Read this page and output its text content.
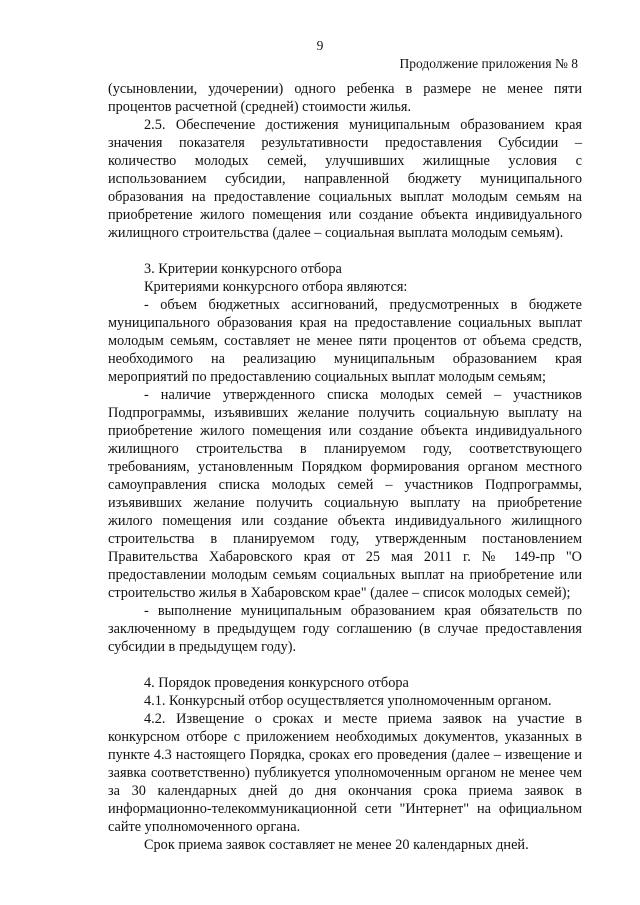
9
Продолжение приложения № 8

(усыновлении, удочерении) одного ребенка в размере не менее пяти процентов расчетной (средней) стоимости жилья.

2.5. Обеспечение достижения муниципальным образованием края значения показателя результативности предоставления Субсидии – количество молодых семей, улучшивших жилищные условия с использованием субсидии, направленной бюджету муниципального образования на предоставление социальных выплат молодым семьям на приобретение жилого помещения или создание объекта индивидуального жилищного строительства (далее – социальная выплата молодым семьям).

3. Критерии конкурсного отбора

Критериями конкурсного отбора являются:

- объем бюджетных ассигнований, предусмотренных в бюджете муниципального образования края на предоставление социальных выплат молодым семьям, составляет не менее пяти процентов от объема средств, необходимого на реализацию муниципальным образованием края мероприятий по предоставлению социальных выплат молодым семьям;

- наличие утвержденного списка молодых семей – участников Подпрограммы, изъявивших желание получить социальную выплату на приобретение жилого помещения или создание объекта индивидуального жилищного строительства в планируемом году, соответствующего требованиям, установленным Порядком формирования органом местного самоуправления списка молодых семей – участников Подпрограммы, изъявивших желание получить социальную выплату на приобретение жилого помещения или создание объекта индивидуального жилищного строительства в планируемом году, утвержденным постановлением Правительства Хабаровского края от 25 мая 2011 г. № 149-пр "О предоставлении молодым семьям социальных выплат на приобретение или строительство жилья в Хабаровском крае" (далее – список молодых семей);

- выполнение муниципальным образованием края обязательств по заключенному в предыдущем году соглашению (в случае предоставления субсидии в предыдущем году).

4. Порядок проведения конкурсного отбора

4.1. Конкурсный отбор осуществляется уполномоченным органом.

4.2. Извещение о сроках и месте приема заявок на участие в конкурсном отборе с приложением необходимых документов, указанных в пункте 4.3 настоящего Порядка, сроках его проведения (далее – извещение и заявка соответственно) публикуется уполномоченным органом не менее чем за 30 календарных дней до дня окончания срока приема заявок в информационно-телекоммуникационной сети "Интернет" на официальном сайте уполномоченного органа.

Срок приема заявок составляет не менее 20 календарных дней.
